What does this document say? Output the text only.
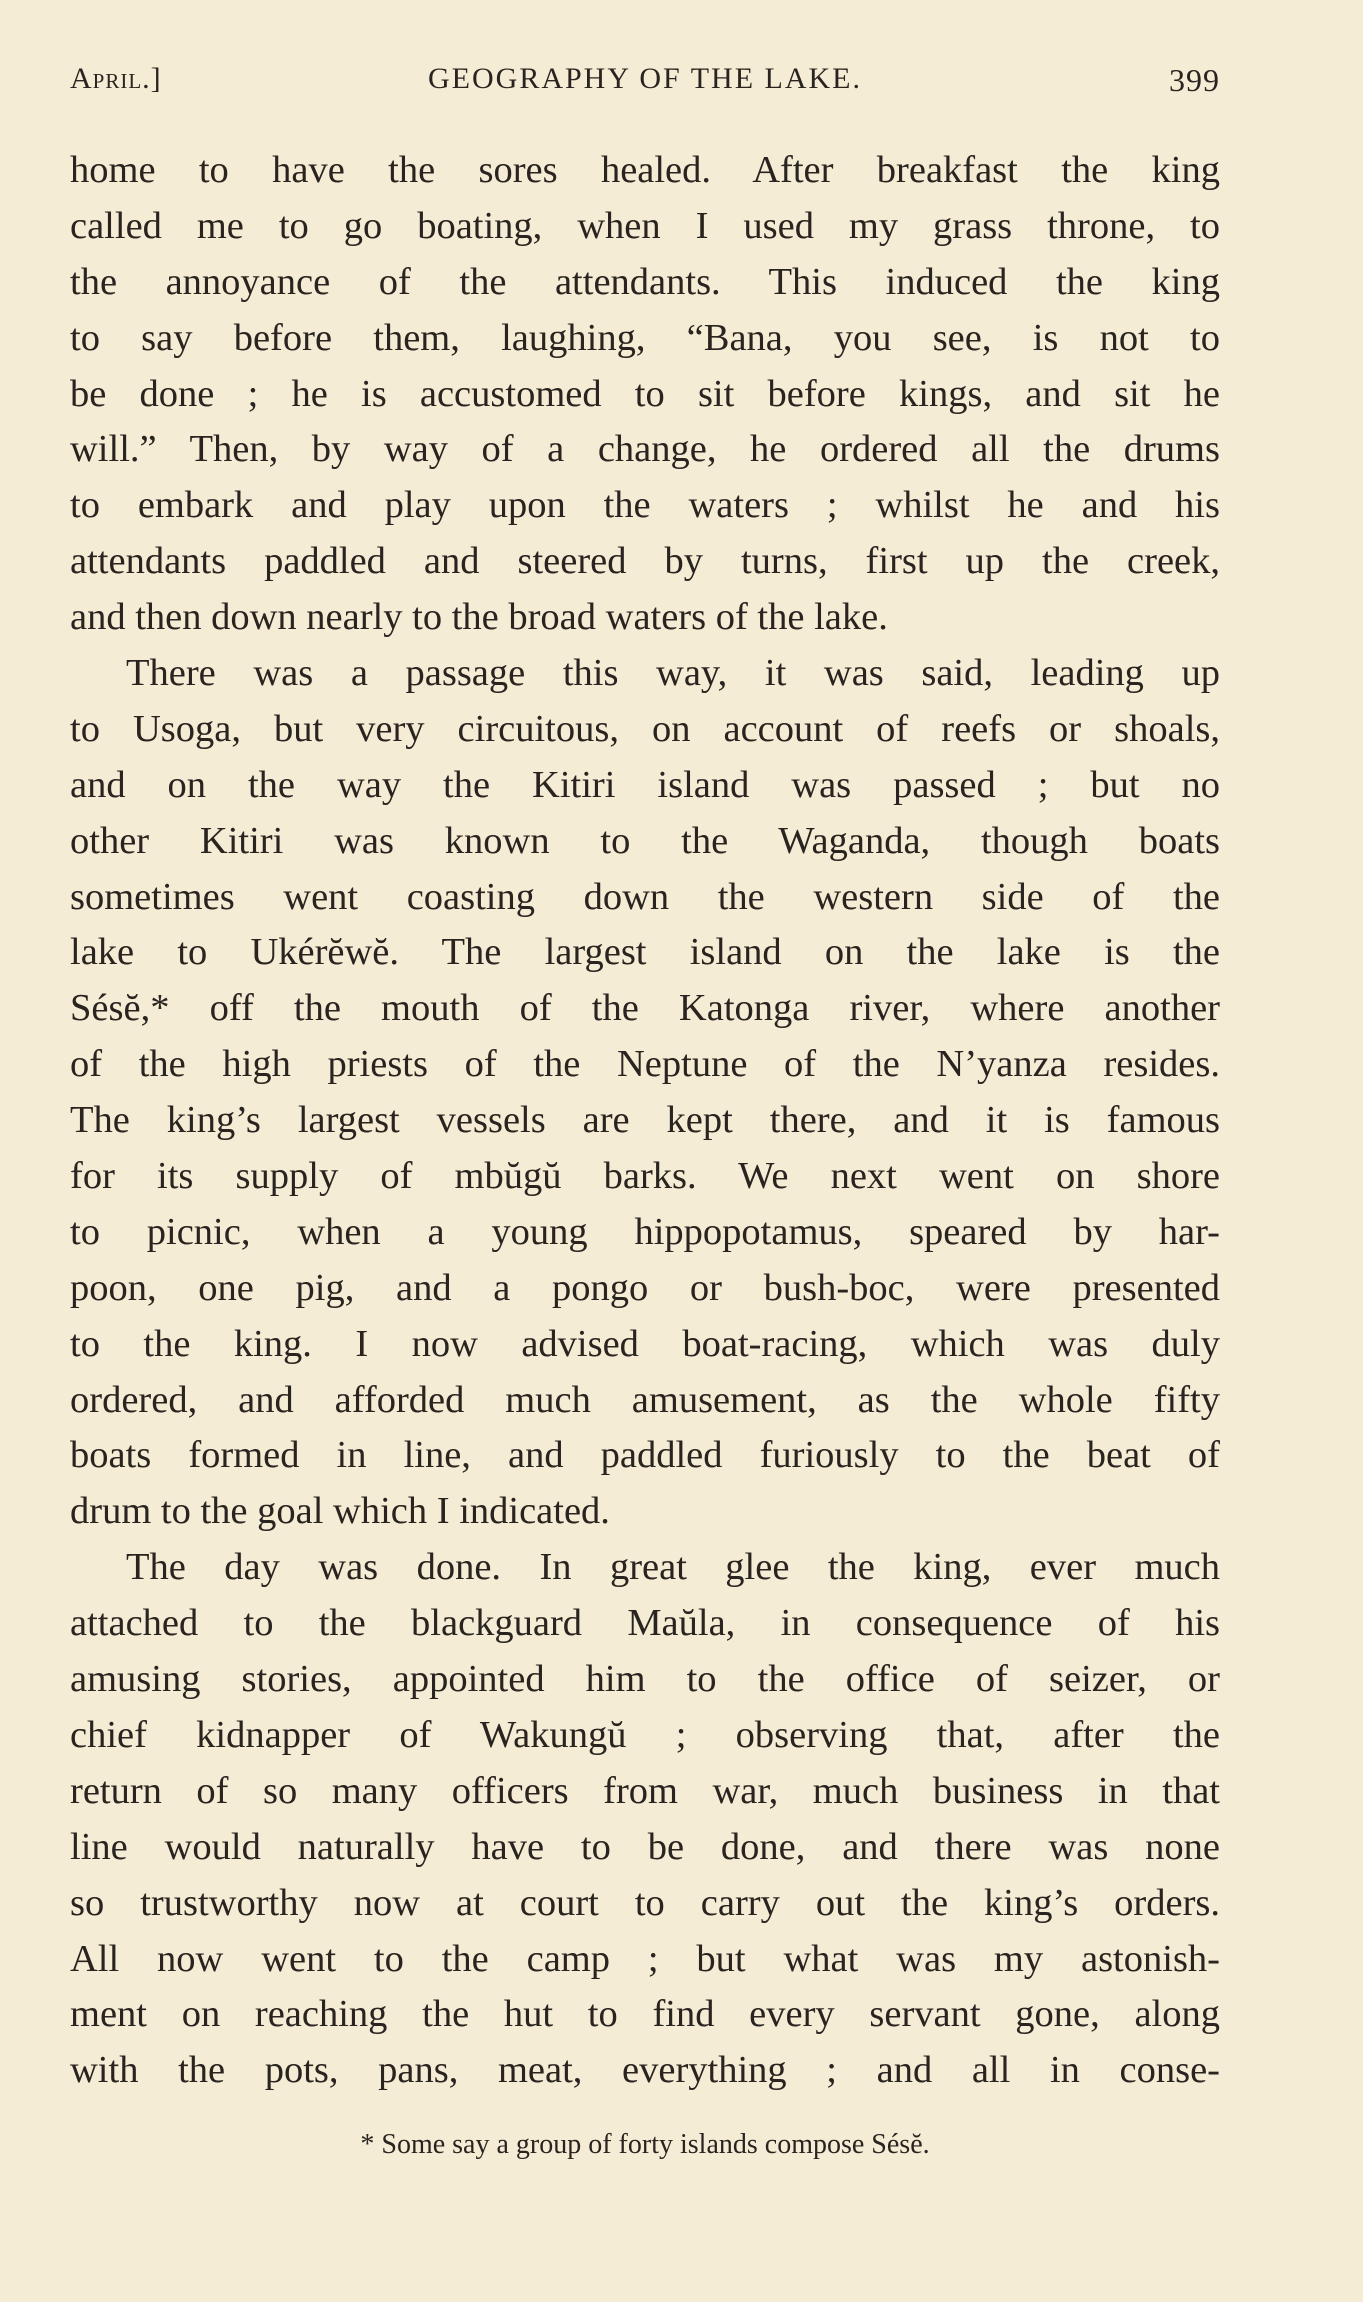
April.]	GEOGRAPHY OF THE LAKE.	399
home to have the sores healed. After breakfast the king
called me to go boating, when I used my grass throne, to
the annoyance of the attendants. This induced the king
to say before them, laughing, “Bana, you see, is not to
be done ; he is accustomed to sit before kings, and sit he
will.” Then, by way of a change, he ordered all the drums
to embark and play upon the waters ; whilst he and his
attendants paddled and steered by turns, first up the creek,
and then down nearly to the broad waters of the lake.
There was a passage this way, it was said, leading up
to Usoga, but very circuitous, on account of reefs or shoals,
and on the way the Kitiri island was passed ; but no
other Kitiri was known to the Waganda, though boats
sometimes went coasting down the western side of the
lake to Ukérĕwĕ. The largest island on the lake is the
Sésĕ,* off the mouth of the Katonga river, where another
of the high priests of the Neptune of the N’yanza resides.
The king’s largest vessels are kept there, and it is famous
for its supply of mbŭgŭ barks. We next went on shore
to picnic, when a young hippopotamus, speared by har-
poon, one pig, and a pongo or bush-boc, were presented
to the king. I now advised boat-racing, which was duly
ordered, and afforded much amusement, as the whole fifty
boats formed in line, and paddled furiously to the beat of
drum to the goal which I indicated.
The day was done. In great glee the king, ever much
attached to the blackguard Maŭla, in consequence of his
amusing stories, appointed him to the office of seizer, or
chief kidnapper of Wakungŭ ; observing that, after the
return of so many officers from war, much business in that
line would naturally have to be done, and there was none
so trustworthy now at court to carry out the king’s orders.
All now went to the camp ; but what was my astonish-
ment on reaching the hut to find every servant gone, along
with the pots, pans, meat, everything ; and all in conse-
* Some say a group of forty islands compose Sésĕ.
